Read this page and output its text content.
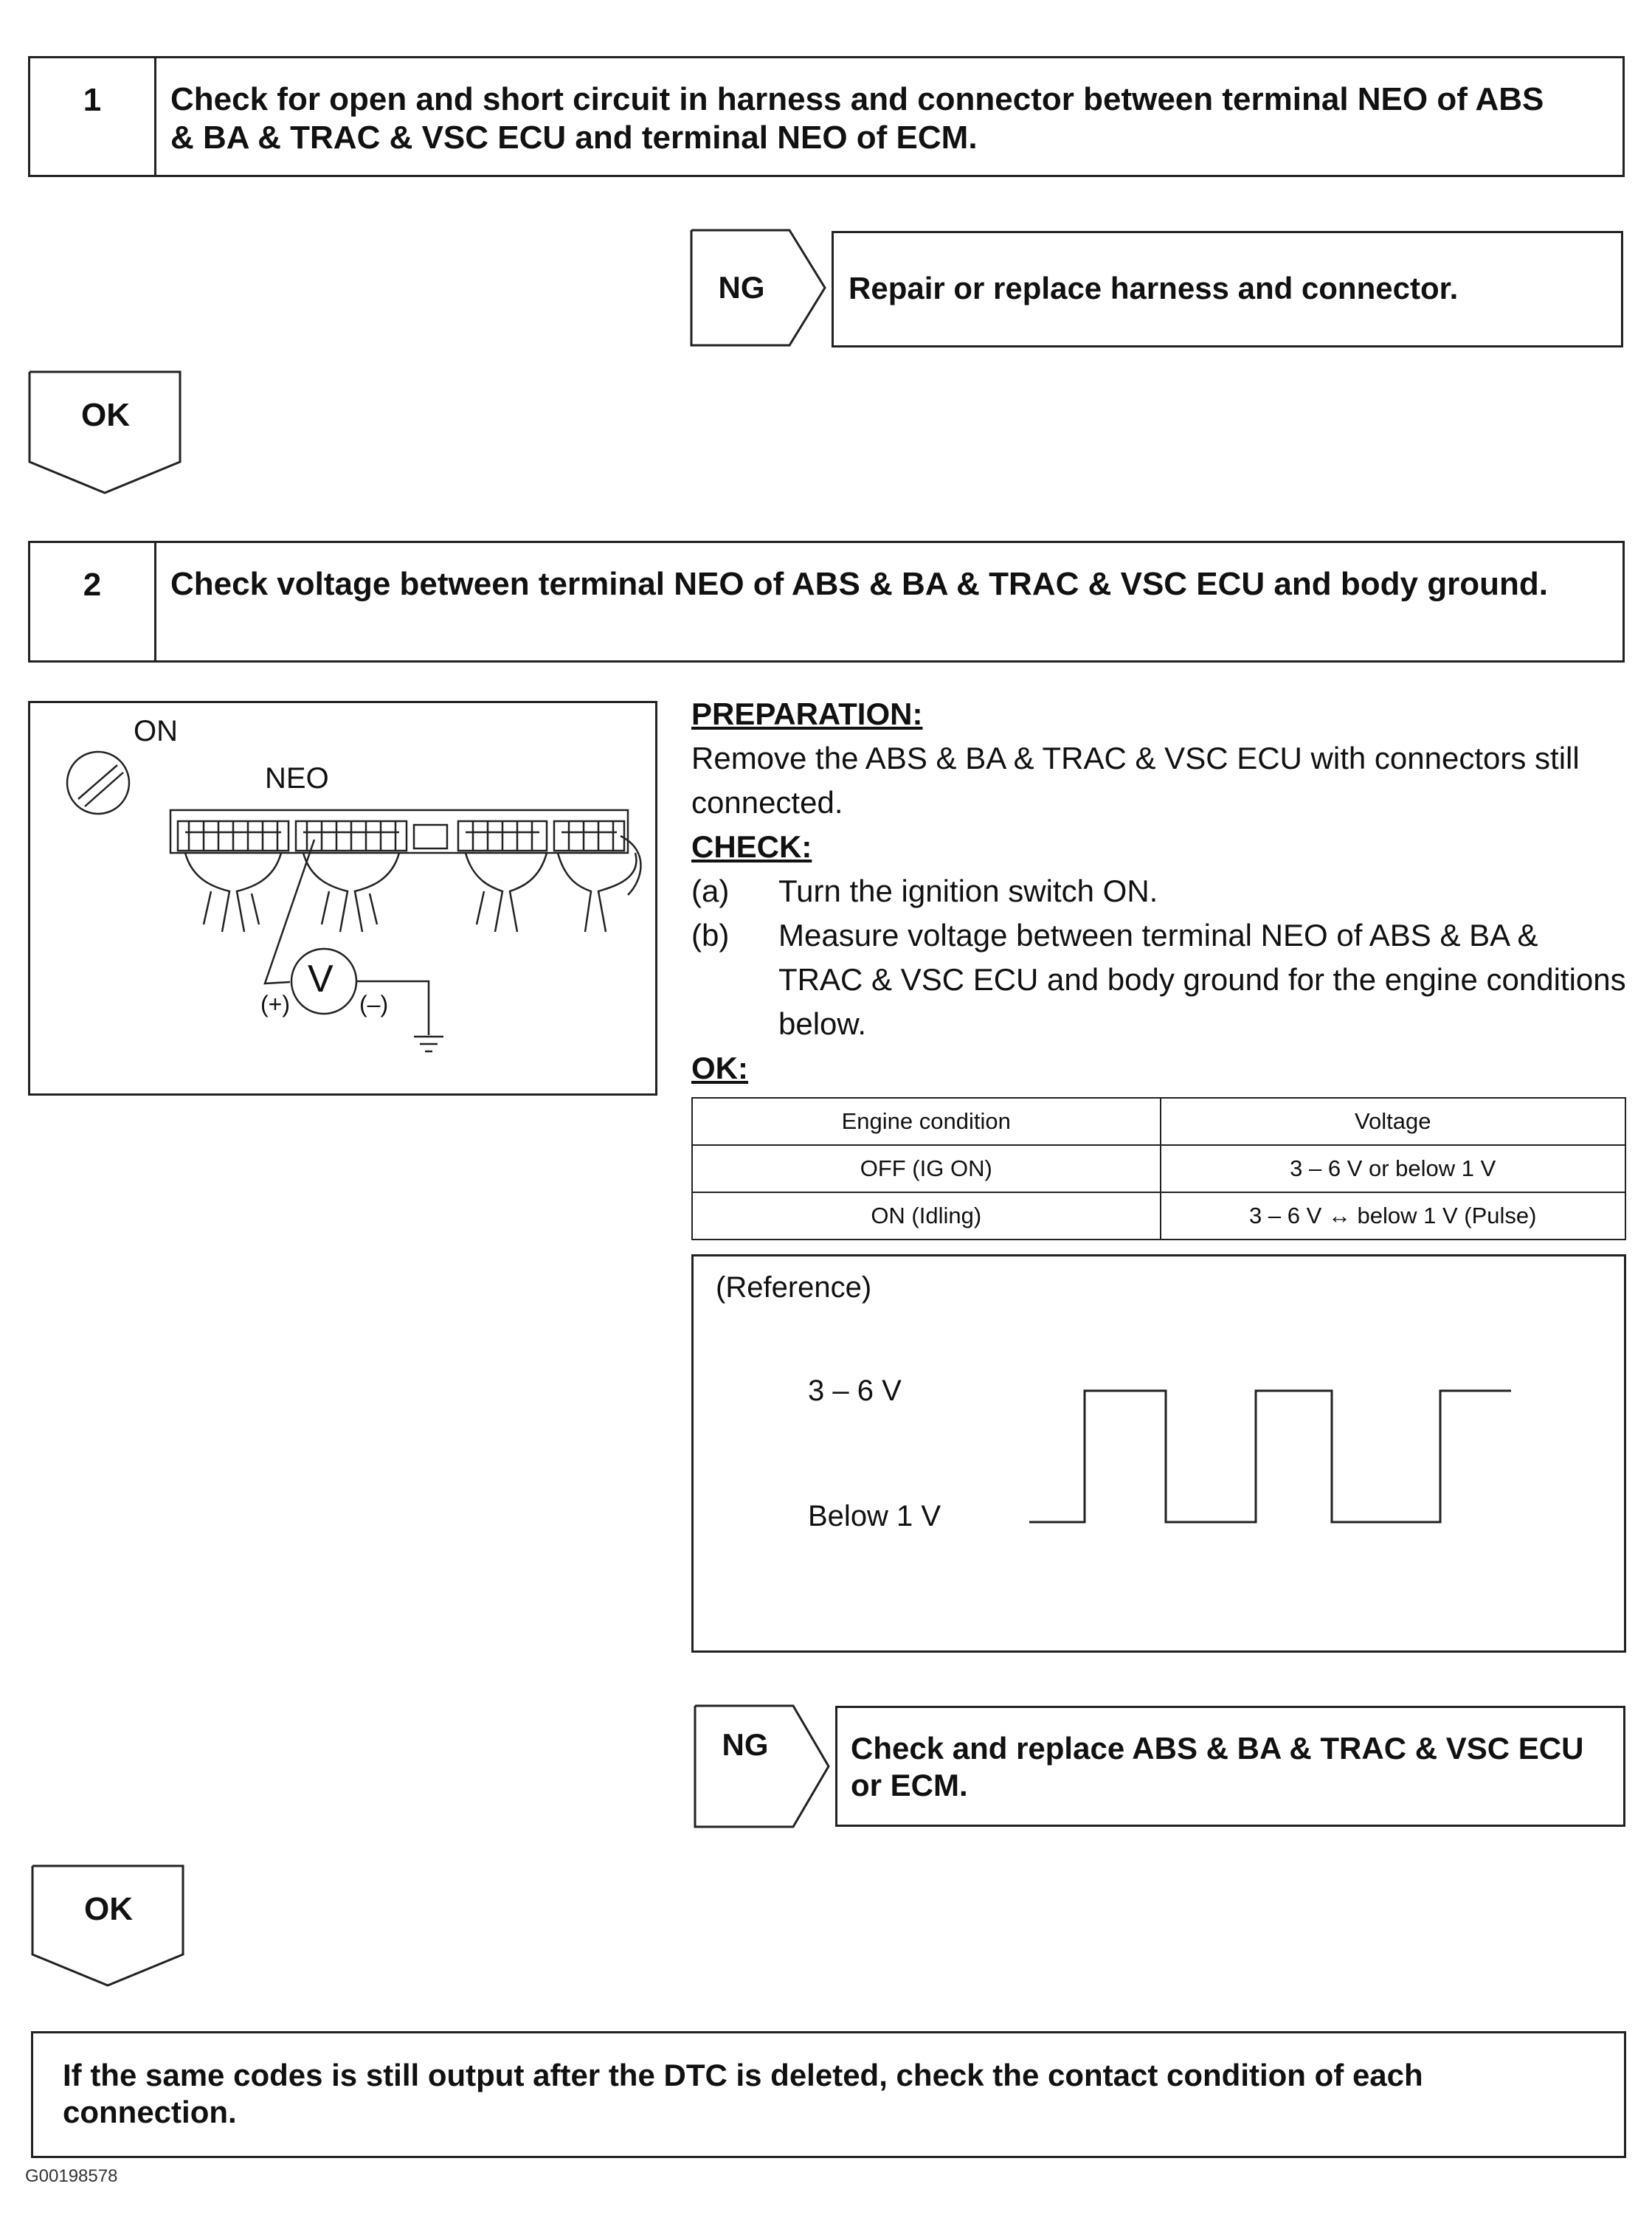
1	Check for open and short circuit in harness and connector between terminal NEO of ABS & BA & TRAC & VSC ECU and terminal NEO of ECM.
NG	Repair or replace harness and connector.
OK
2	Check voltage between terminal NEO of ABS & BA & TRAC & VSC ECU and body ground.
ON
NEO
V
(+)	(–)
PREPARATION:
Remove the ABS & BA & TRAC & VSC ECU with connectors still connected.
CHECK:
(a) Turn the ignition switch ON.
(b) Measure voltage between terminal NEO of ABS & BA & TRAC & VSC ECU and body ground for the engine conditions below.
OK:
Engine condition	Voltage
OFF (IG ON)	3 – 6 V or below 1 V
ON (Idling)	3 – 6 V ↔ below 1 V (Pulse)
(Reference)
3 – 6 V
Below 1 V
NG	Check and replace ABS & BA & TRAC & VSC ECU or ECM.
OK
If the same codes is still output after the DTC is deleted, check the contact condition of each connection.
G00198578
